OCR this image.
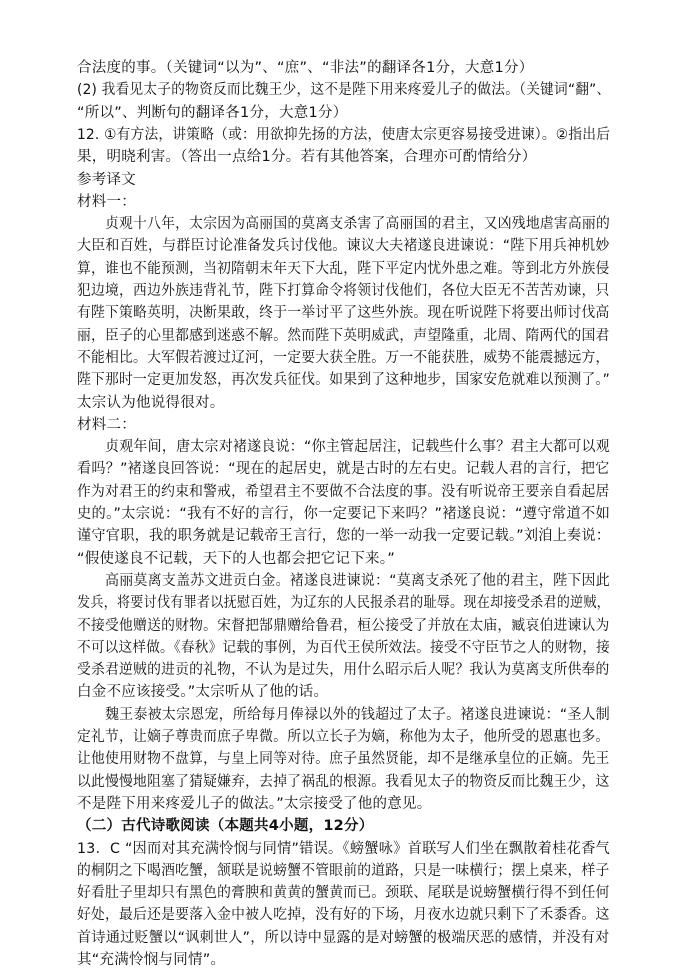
合法度的事。（关键词“以为”、“庶”、“非法”的翻译各1分，大意1分）
(2) 我看见太子的物资反而比魏王少，这不是陛下用来疼爱儿子的做法。（关键词“翻”、
“所以”、判断句的翻译各1分，大意1分）
12. ①有方法，讲策略（或：用欲抑先扬的方法，使唐太宗更容易接受进谏）。②指出后
果，明晓利害。（答出一点给1分。若有其他答案，合理亦可酌情给分）
参考译文
材料一：
贞观十八年，太宗因为高丽国的莫离支杀害了高丽国的君主，又凶残地虐害高丽的
大臣和百姓，与群臣讨论准备发兵讨伐他。谏议大夫褚遂良进谏说：“陛下用兵神机妙
算，谁也不能预测，当初隋朝末年天下大乱，陛下平定内忧外患之难。等到北方外族侵
犯边境，西边外族违背礼节，陛下打算命令将领讨伐他们，各位大臣无不苦苦劝谏，只
有陛下策略英明，决断果敢，终于一举讨平了这些外族。现在听说陛下将要出师讨伐高
丽，臣子的心里都感到迷惑不解。然而陛下英明威武，声望隆重，北周、隋两代的国君
不能相比。大军假若渡过辽河，一定要大获全胜。万一不能获胜，威势不能震撼远方，
陛下那时一定更加发怒，再次发兵征伐。如果到了这种地步，国家安危就难以预测了。”
太宗认为他说得很对。
材料二：
贞观年间，唐太宗对褚遂良说：“你主管起居注，记载些什么事？君主大都可以观
看吗？”褚遂良回答说：“现在的起居史，就是古时的左右史。记载人君的言行，把它
作为对君王的约束和警戒，希望君主不要做不合法度的事。没有听说帝王要亲自看起居
史的。”太宗说：“我有不好的言行，你一定要记下来吗？”褚遂良说：“遵守常道不如
谨守官职，我的职务就是记载帝王言行，您的一举一动我一定要记载。”刘洎上奏说：
“假使遂良不记载，天下的人也都会把它记下来。”
高丽莫离支盖苏文进贡白金。褚遂良进谏说：“莫离支杀死了他的君主，陛下因此
发兵，将要讨伐有罪者以抚慰百姓，为辽东的人民报杀君的耻辱。现在却接受杀君的逆贼，
不接受他赠送的财物。宋督把郜鼎赠给鲁君，桓公接受了并放在太庙，臧哀伯进谏认为
不可以这样做。《春秋》记载的事例，为百代王侯所效法。接受不守臣节之人的财物，接
受杀君逆贼的进贡的礼物，不认为是过失，用什么昭示后人呢？我认为莫离支所供奉的
白金不应该接受。”太宗听从了他的话。
魏王泰被太宗恩宠，所给每月俸禄以外的钱超过了太子。褚遂良进谏说：“圣人制
定礼节，让嫡子尊贵而庶子卑微。所以立长子为嫡，称他为太子，他所受的恩惠也多。
让他使用财物不盘算，与皇上同等对待。庶子虽然贤能，却不是继承皇位的正嫡。先王
以此慢慢地阻塞了猜疑嫌弃，去掉了祸乱的根源。我看见太子的物资反而比魏王少，这
不是陛下用来疼爱儿子的做法。”太宗接受了他的意见。
（二）古代诗歌阅读（本题共4小题，12分）
13．C “因而对其充满怜悯与同情”错误。《螃蟹咏》首联写人们坐在飘散着桂花香气
的桐阴之下喝酒吃蟹，颔联是说螃蟹不管眼前的道路，只是一味横行；摆上桌来，样子
好看肚子里却只有黑色的膏腴和黄黄的蟹黄而已。颈联、尾联是说螃蟹横行得不到任何
好处，最后还是要落入金中被人吃掉，没有好的下场，月夜水边就只剩下了禾黍香。这
首诗通过贬蟹以“讽刺世人”，所以诗中显露的是对螃蟹的极端厌恶的感情，并没有对
其“充满怜悯与同情”。
